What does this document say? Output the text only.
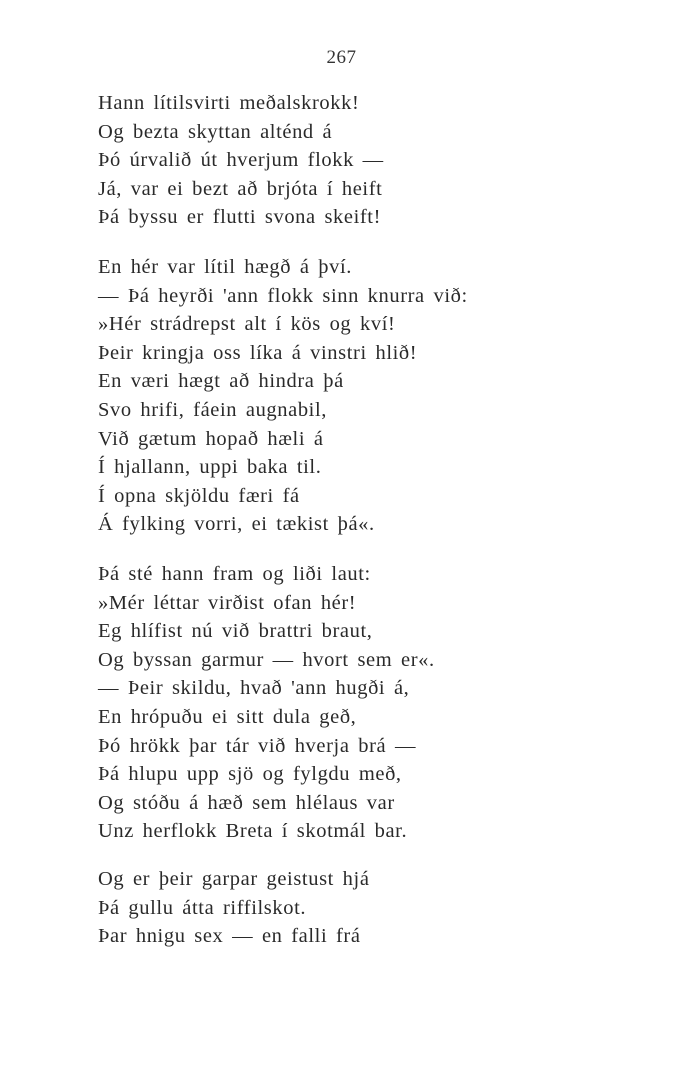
267
Hann lítilsvirti meðalskrokk!
Og bezta skyttan alténd á
Þó úrvalið út hverjum flokk —
Já, var ei bezt að brjóta í heift
Þá byssu er flutti svona skeift!
En hér var lítil hægð á því.
— Þá heyrði 'ann flokk sinn knurra við:
»Hér strádrepst alt í kös og kví!
Þeir kringja oss líka á vinstri hlið!
En væri hægt að hindra þá
Svo hrifi, fáein augnabil,
Við gætum hopað hæli á
Í hjallann, uppi baka til.
Í opna skjöldu færi fá
Á fylking vorri, ei tækist þá«.
Þá sté hann fram og liði laut:
»Mér léttar virðist ofan hér!
Eg hlífist nú við brattri braut,
Og byssan garmur — hvort sem er«.
— Þeir skildu, hvað 'ann hugði á,
En hrópuðu ei sitt dula geð,
Þó hrökk þar tár við hverja brá —
Þá hlupu upp sjö og fylgdu með,
Og stóðu á hæð sem hlélaus var
Unz herflokk Breta í skotmál bar.
Og er þeir garpar geistust hjá
Þá gullu átta riffilskot.
Þar hnigu sex — en falli frá
